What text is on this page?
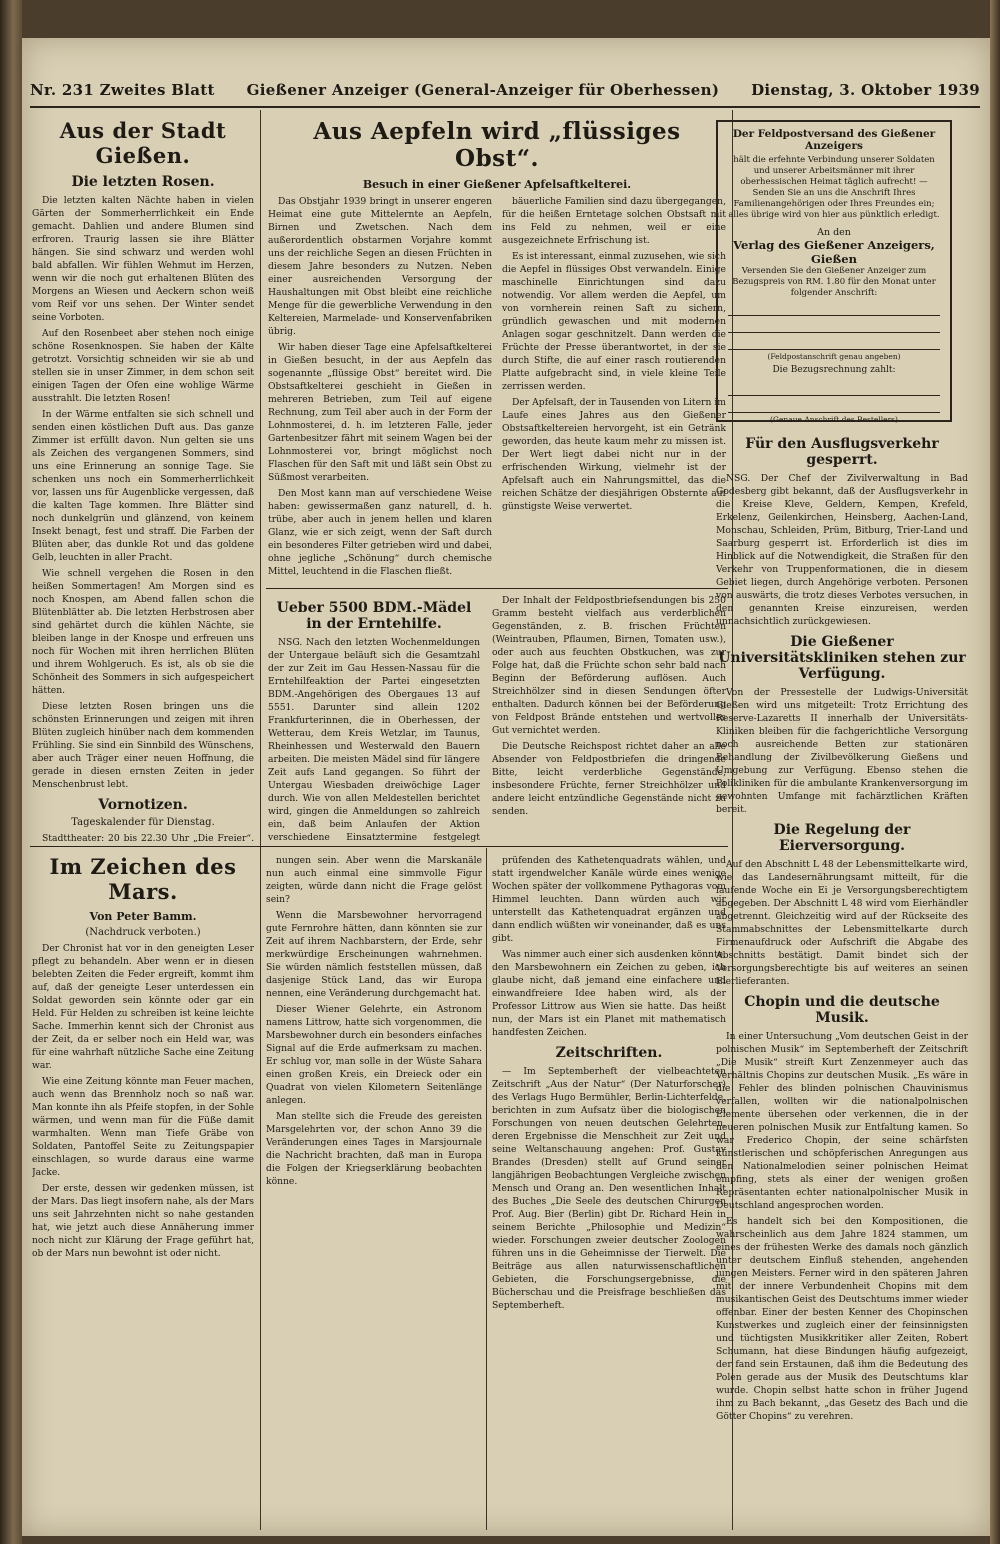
Nr. 231 Zweites Blatt Gießener Anzeiger (General-Anzeiger für Oberhessen) Dienstag, 3. Oktober 1939
Aus der Stadt Gießen.
Die letzten Rosen.

Die letzten kalten Nächte haben in vielen Gärten der Sommerherrlichkeit ein Ende gemacht. Dahlien und andere Blumen sind erfroren. Traurig lassen sie ihre Blätter hängen. Sie sind schwarz und werden wohl bald abfallen. Wir fühlen Wehmut im Herzen, wenn wir die noch gut erhaltenen Blüten des Morgens an Wiesen und Aeckern schon weiß vom Reif vor uns sehen. Der Winter sendet seine Vorboten.

Auf den Rosenbeet aber stehen noch einige schöne Rosenknospen. Sie haben der Kälte getrotzt. Vorsichtig schneiden wir sie ab und stellen sie in unser Zimmer, in dem schon seit einigen Tagen der Ofen eine wohlige Wärme ausstrahlt. Die letzten Rosen!

In der Wärme entfalten sie sich schnell und senden einen köstlichen Duft aus. Das ganze Zimmer ist erfüllt davon. Nun gelten sie uns als Zeichen des vergangenen Sommers, sind uns eine Erinnerung an sonnige Tage. Sie schenken uns noch ein Sommerherrlichkeit vor, lassen uns für Augenblicke vergessen, daß die kalten Tage kommen. Ihre Blätter sind noch dunkelgrün und glänzend, von keinem Insekt benagt, fest und straff. Die Farben der Blüten aber, das dunkle Rot und das goldene Gelb, leuchten in aller Pracht.

Wie schnell vergehen die Rosen in den heißen Sommertagen! Am Morgen sind es noch Knospen, am Abend fallen schon die Blütenblätter ab. Die letzten Herbstrosen aber sind gehärtet durch die kühlen Nächte, sie bleiben lange in der Knospe und erfreuen uns noch für Wochen mit ihren herrlichen Blüten und ihrem Wohlgeruch. Es ist, als ob sie die Schönheit des Sommers in sich aufgespeichert hätten.

Diese letzten Rosen bringen uns die schönsten Erinnerungen und zeigen mit ihren Blüten zugleich hinüber nach dem kommenden Frühling. Sie sind ein Sinnbild des Wünschens, aber auch Träger einer neuen Hoffnung, die gerade in diesen ernsten Zeiten in jeder Menschenbrust lebt.

Vornotizen.
Tageskalender für Dienstag.

Stadttheater: 20 bis 22.30 Uhr „Die Freier“.

Aus Aepfeln wird „flüssiges Obst“.
Besuch in einer Gießener Apfelsaftkelterei.

Das Obstjahr 1939 bringt in unserer engeren Heimat eine gute Mittelernte an Aepfeln, Birnen und Zwetschen. Nach dem außerordentlich obstarmen Vorjahre kommt uns der reichliche Segen an diesen Früchten in diesem Jahre besonders zu Nutzen. Neben einer ausreichenden Versorgung der Haushaltungen mit Obst bleibt eine reichliche Menge für die gewerbliche Verwendung in den Keltereien, Marmelade- und Konservenfabriken übrig.

Wir haben dieser Tage eine Apfelsaftkelterei in Gießen besucht, in der aus Aepfeln das sogenannte „flüssige Obst“ bereitet wird. Die Obstsaftkelterei geschieht in Gießen in mehreren Betrieben, zum Teil auf eigene Rechnung, zum Teil aber auch in der Form der Lohnmosterei, d. h. im letzteren Falle, jeder Gartenbesitzer fährt mit seinem Wagen bei der Lohnmosterei vor, bringt möglichst noch Flaschen für den Saft mit und läßt sein Obst zu Süßmost verarbeiten.

Den Most kann man auf verschiedene Weise haben: gewissermaßen ganz naturell, d. h. trübe, aber auch in jenem hellen und klaren Glanz, wie er sich zeigt, wenn der Saft durch ein besonderes Filter getrieben wird und dabei, ohne jegliche „Schönung“ durch chemische Mittel, leuchtend in die Flaschen fließt.

bäuerliche Familien sind dazu übergegangen, für die heißen Erntetage solchen Obstsaft mit ins Feld zu nehmen, weil er eine ausgezeichnete Erfrischung ist.

Es ist interessant, einmal zuzusehen, wie sich die Aepfel in flüssiges Obst verwandeln. Einige maschinelle Einrichtungen sind dazu notwendig. Vor allem werden die Aepfel, um von vornherein reinen Saft zu sichern, gründlich gewaschen und mit modernen Anlagen sogar geschnitzelt. Dann werden die Früchte der Presse überantwortet, in der sie durch Stifte, die auf einer rasch routierenden Platte aufgebracht sind, in viele kleine Teile zerrissen werden.

Der Apfelsaft, der in Tausenden von Litern im Laufe eines Jahres aus den Gießener Obstsaftkeltereien hervorgeht, ist ein Getränk geworden, das heute kaum mehr zu missen ist. Der Wert liegt dabei nicht nur in der erfrischenden Wirkung, vielmehr ist der Apfelsaft auch ein Nahrungsmittel, das die reichen Schätze der diesjährigen Obsternte auf günstigste Weise verwertet.

Ueber 5500 BDM.-Mädel in der Erntehilfe.

NSG. Nach den letzten Wochenmeldungen der Untergaue beläuft sich die Gesamtzahl der zur Zeit im Gau Hessen-Nassau für die Erntehilfeaktion der Partei eingesetzten BDM.-Angehörigen des Obergaues 13 auf 5551. Darunter sind allein 1202 Frankfurterinnen, die in Oberhessen, der Wetterau, dem Kreis Wetzlar, im Taunus, Rheinhessen und Westerwald den Bauern arbeiten. Die meisten Mädel sind für längere Zeit aufs Land gegangen. So führt der Untergau Wiesbaden dreiwöchige Lager durch. Wie von allen Meldestellen berichtet wird, gingen die Anmeldungen so zahlreich ein, daß beim Anlaufen der Aktion verschiedene Einsatztermine festgelegt

Der Inhalt der Feldpostbriefsendungen bis 250 Gramm besteht vielfach aus verderblichen Gegenständen, z. B. frischen Früchten (Weintrauben, Pflaumen, Birnen, Tomaten usw.), oder auch aus feuchten Obstkuchen, was zur Folge hat, daß die Früchte schon sehr bald nach Beginn der Beförderung auflösen. Auch Streichhölzer sind in diesen Sendungen öfter enthalten. Dadurch können bei der Beförderung von Feldpost Brände entstehen und wertvolles Gut vernichtet werden.

Die Deutsche Reichspost richtet daher an alle Absender von Feldpostbriefen die dringende Bitte, leicht verderbliche Gegenstände, insbesondere Früchte, ferner Streichhölzer und andere leicht entzündliche Gegenstände nicht zu senden.

Im Zeichen des Mars.
Von Peter Bamm.
(Nachdruck verboten.)

Der Chronist hat vor in den geneigten Leser pflegt zu behandeln. Aber wenn er in diesen belebten Zeiten die Feder ergreift, kommt ihm auf, daß der geneigte Leser unterdessen ein Soldat geworden sein könnte oder gar ein Held. Für Helden zu schreiben ist keine leichte Sache. Immerhin kennt sich der Chronist aus der Zeit, da er selber noch ein Held war, was für eine wahrhaft nützliche Sache eine Zeitung war.

Wie eine Zeitung könnte man Feuer machen, auch wenn das Brennholz noch so naß war. Man konnte ihn als Pfeife stopfen, in der Sohle wärmen, und wenn man für die Füße damit warmhalten. Wenn man Tiefe Gräbe von Soldaten, Pantoffel Seite zu Zeitungspapier einschlagen, so wurde daraus eine warme Jacke.

Der erste, dessen wir gedenken müssen, ist der Mars. Das liegt insofern nahe, als der Mars uns seit Jahrzehnten nicht so nahe gestanden hat, wie jetzt auch diese Annäherung immer noch nicht zur Klärung der Frage geführt hat, ob der Mars nun bewohnt ist oder nicht.

nungen sein. Aber wenn die Marskanäle nun auch einmal eine simmvolle Figur zeigten, würde dann nicht die Frage gelöst sein?

Wenn die Marsbewohner hervorragend gute Fernrohre hätten, dann könnten sie zur Zeit auf ihrem Nachbarstern, der Erde, sehr merkwürdige Erscheinungen wahrnehmen. Sie würden nämlich feststellen müssen, daß dasjenige Stück Land, das wir Europa nennen, eine Veränderung durchgemacht hat.

Dieser Wiener Gelehrte, ein Astronom namens Littrow, hatte sich vorgenommen, die Marsbewohner durch ein besonders einfaches Signal auf die Erde aufmerksam zu machen. Er schlug vor, man solle in der Wüste Sahara einen großen Kreis, ein Dreieck oder ein Quadrat von vielen Kilometern Seitenlänge anlegen.

Man stellte sich die Freude des gereisten Marsgelehrten vor, der schon Anno 39 die Veränderungen eines Tages in Marsjournale die Nachricht brachten, daß man in Europa die Folgen der Kriegserklärung beobachten könne.

prüfenden des Kathetenquadrats wählen, und statt irgendwelcher Kanäle würde eines wenige Wochen später der vollkommene Pythagoras vom Himmel leuchten. Dann würden auch wir unterstellt das Kathetenquadrat ergänzen und dann endlich wüßten wir voneinander, daß es uns gibt.

Was nimmer auch einer sich ausdenken könnte, den Marsbewohnern ein Zeichen zu geben, ich glaube nicht, daß jemand eine einfachere und einwandfreiere Idee haben wird, als der Professor Littrow aus Wien sie hatte. Das heißt nun, der Mars ist ein Planet mit mathematisch handfesten Zeichen.

Zeitschriften.

— Im Septemberheft der vielbeachteten Zeitschrift „Aus der Natur“ (Der Naturforscher) des Verlags Hugo Bermühler, Berlin-Lichterfelde, berichten in zum Aufsatz über die biologischen Forschungen von neuen deutschen Gelehrten, deren Ergebnisse die Menschheit zur Zeit und seine Weltanschauung angehen: Prof. Gustav Brandes (Dresden) stellt auf Grund seiner langjährigen Beobachtungen Vergleiche zwischen Mensch und Orang an. Den wesentlichen Inhalt des Buches „Die Seele des deutschen Chirurgen Prof. Aug. Bier (Berlin) gibt Dr. Richard Hein in seinem Berichte „Philosophie und Medizin“ wieder. Forschungen zweier deutscher Zoologen führen uns in die Geheimnisse der Tierwelt. Die Beiträge aus allen naturwissenschaftlichen Gebieten, die Forschungsergebnisse, die Bücherschau und die Preisfrage beschließen das Septemberheft.

Der Feldpostversand des Gießener Anzeigers
hält die erfehnte Verbindung unserer Soldaten und unserer Arbeitsmänner mit ihrer oberhessischen Heimat täglich aufrecht! — Senden Sie an uns die Anschrift Ihres Familienangehörigen oder Ihres Freundes ein; alles übrige wird von hier aus pünktlich erledigt.
An den
Verlag des Gießener Anzeigers, Gießen
Versenden Sie den Gießener Anzeiger zum Bezugspreis von RM. 1.80 für den Monat unter folgender Anschrift:
(Feldpostanschrift genau angeben)
Die Bezugsrechnung zahlt:
(Genaue Anschrift des Bestellers)
Für den Ausflugsverkehr gesperrt.

NSG. Der Chef der Zivilverwaltung in Bad Godesberg gibt bekannt, daß der Ausflugsverkehr in die Kreise Kleve, Geldern, Kempen, Krefeld, Erkelenz, Geilenkirchen, Heinsberg, Aachen-Land, Monschau, Schleiden, Prüm, Bitburg, Trier-Land und Saarburg gesperrt ist. Erforderlich ist dies im Hinblick auf die Notwendigkeit, die Straßen für den Verkehr von Truppenformationen, die in diesem Gebiet liegen, durch Angehörige verboten. Personen von auswärts, die trotz dieses Verbotes versuchen, in den genannten Kreise einzureisen, werden unnachsichtlich zurückgewiesen.

Die Gießener Universitätskliniken stehen zur Verfügung.

Von der Pressestelle der Ludwigs-Universität Gießen wird uns mitgeteilt: Trotz Errichtung des Reserve-Lazaretts II innerhalb der Universitäts-Kliniken bleiben für die fachgerichtliche Versorgung noch ausreichende Betten zur stationären Behandlung der Zivilbevölkerung Gießens und Umgebung zur Verfügung. Ebenso stehen die Polikliniken für die ambulante Krankenversorgung im gewohnten Umfange mit fachärztlichen Kräften bereit.

Die Regelung der Eierversorgung.

Auf den Abschnitt L 48 der Lebensmittelkarte wird, wie das Landesernährungsamt mitteilt, für die laufende Woche ein Ei je Versorgungsberechtigtem abgegeben. Der Abschnitt L 48 wird vom Eierhändler abgetrennt. Gleichzeitig wird auf der Rückseite des Stammabschnittes der Lebensmittelkarte durch Firmenaufdruck oder Aufschrift die Abgabe des Abschnitts bestätigt. Damit bindet sich der Versorgungsberechtigte bis auf weiteres an seinen Eierlieferanten.

Chopin und die deutsche Musik.

In einer Untersuchung „Vom deutschen Geist in der polnischen Musik“ im Septemberheft der Zeitschrift „Die Musik“ streift Kurt Zenzenmeyer auch das Verhältnis Chopins zur deutschen Musik. „Es wäre in die Fehler des blinden polnischen Chauvinismus verfallen, wollten wir die nationalpolnischen Elemente übersehen oder verkennen, die in der neueren polnischen Musik zur Entfaltung kamen. So war Frederico Chopin, der seine schärfsten künstlerischen und schöpferischen Anregungen aus den Nationalmelodien seiner polnischen Heimat empfing, stets als einer der wenigen großen Repräsentanten echter nationalpolnischer Musik in Deutschland angesprochen worden.

Es handelt sich bei den Kompositionen, die wahrscheinlich aus dem Jahre 1824 stammen, um eines der frühesten Werke des damals noch gänzlich unter deutschem Einfluß stehenden, angehenden jungen Meisters. Ferner wird in den späteren Jahren mit der innere Verbundenheit Chopins mit dem musikantischen Geist des Deutschtums immer wieder offenbar. Einer der besten Kenner des Chopinschen Kunstwerkes und zugleich einer der feinsinnigsten und tüchtigsten Musikkritiker aller Zeiten, Robert Schumann, hat diese Bindungen häufig aufgezeigt, der fand sein Erstaunen, daß ihm die Bedeutung des Polen gerade aus der Musik des Deutschtums klar wurde. Chopin selbst hatte schon in früher Jugend ihm zu Bach bekannt, „das Gesetz des Bach und die Götter Chopins“ zu verehren.
